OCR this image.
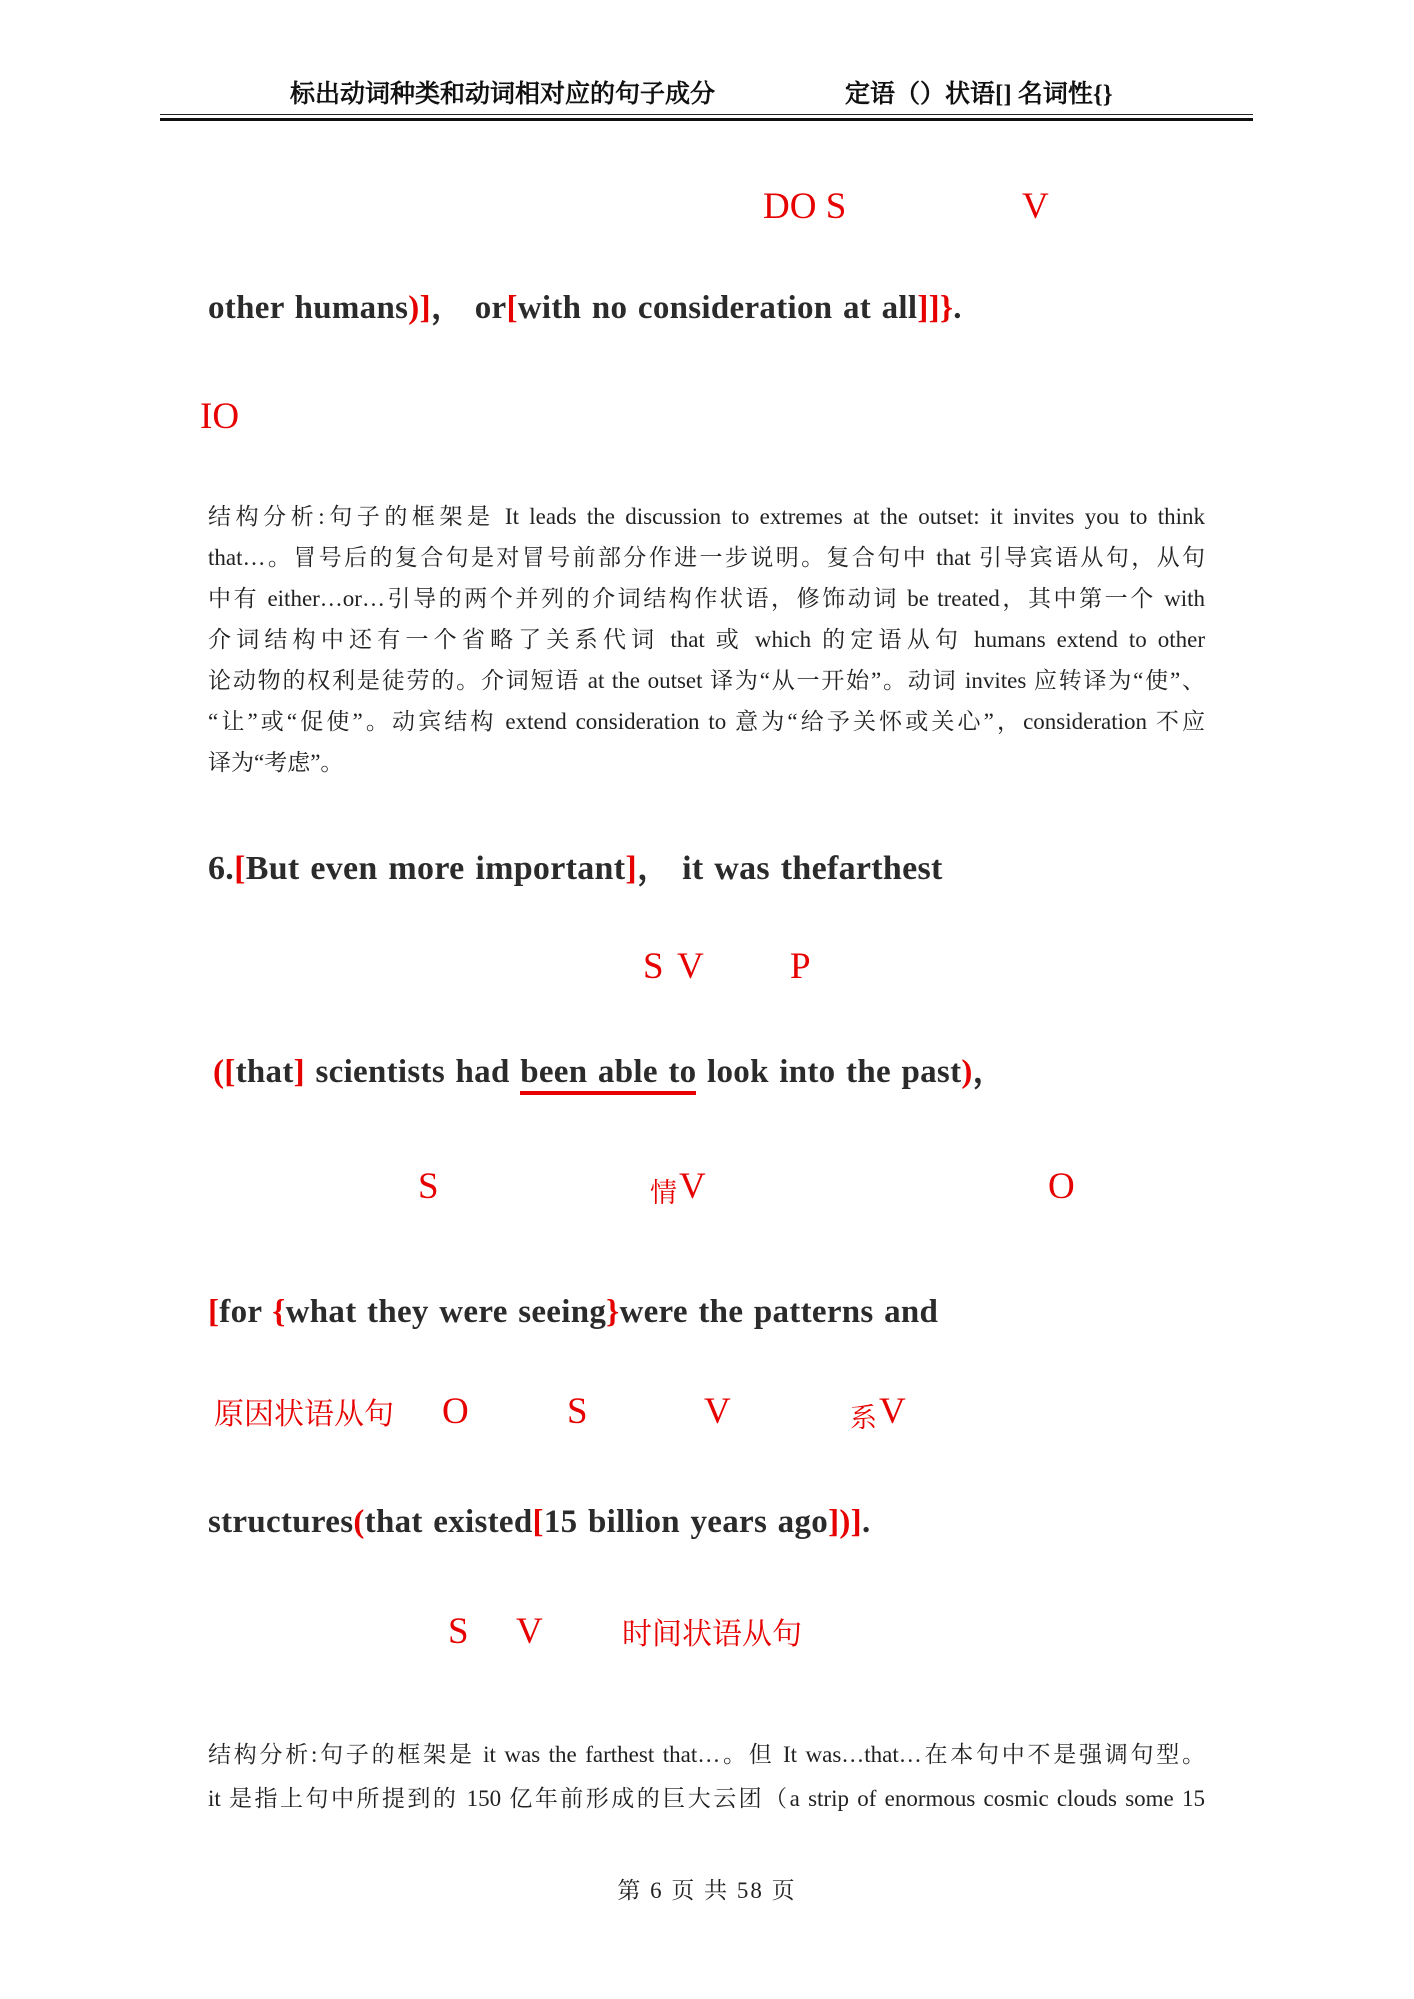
标出动词种类和动词相对应的句子成分	定语（）状语[] 名词性{}
DO S	V
other humans)]， or[with no consideration at all]]}.
IO
结构分析:句子的框架是 It leads the discussion to extremes at the outset: it invites you to think
that…。冒号后的复合句是对冒号前部分作进一步说明。复合句中 that 引导宾语从句，从句
中有 either…or…引导的两个并列的介词结构作状语，修饰动词 be treated，其中第一个 with
介词结构中还有一个省略了关系代词 that 或 which 的定语从句 humans extend to other
论动物的权利是徒劳的。介词短语 at the outset 译为“从一开始”。动词 invites 应转译为“使”、
“让”或“促使”。动宾结构 extend consideration to 意为“给予关怀或关心”，consideration 不应
译为“考虑”。
6.[But even more important]， it was thefarthest
S V P
([that] scientists had been able to look into the past)，
S	情 V	O
[for {what they were seeing}were the patterns and
原因状语从句 O	S	V	系 V
structures(that existed[15 billion years ago])].
S V	时间状语从句
结构分析:句子的框架是 it was the farthest that…。但 It was…that…在本句中不是强调句型。
it 是指上句中所提到的 150 亿年前形成的巨大云团（a strip of enormous cosmic clouds some 15
第 6 页 共 58 页
